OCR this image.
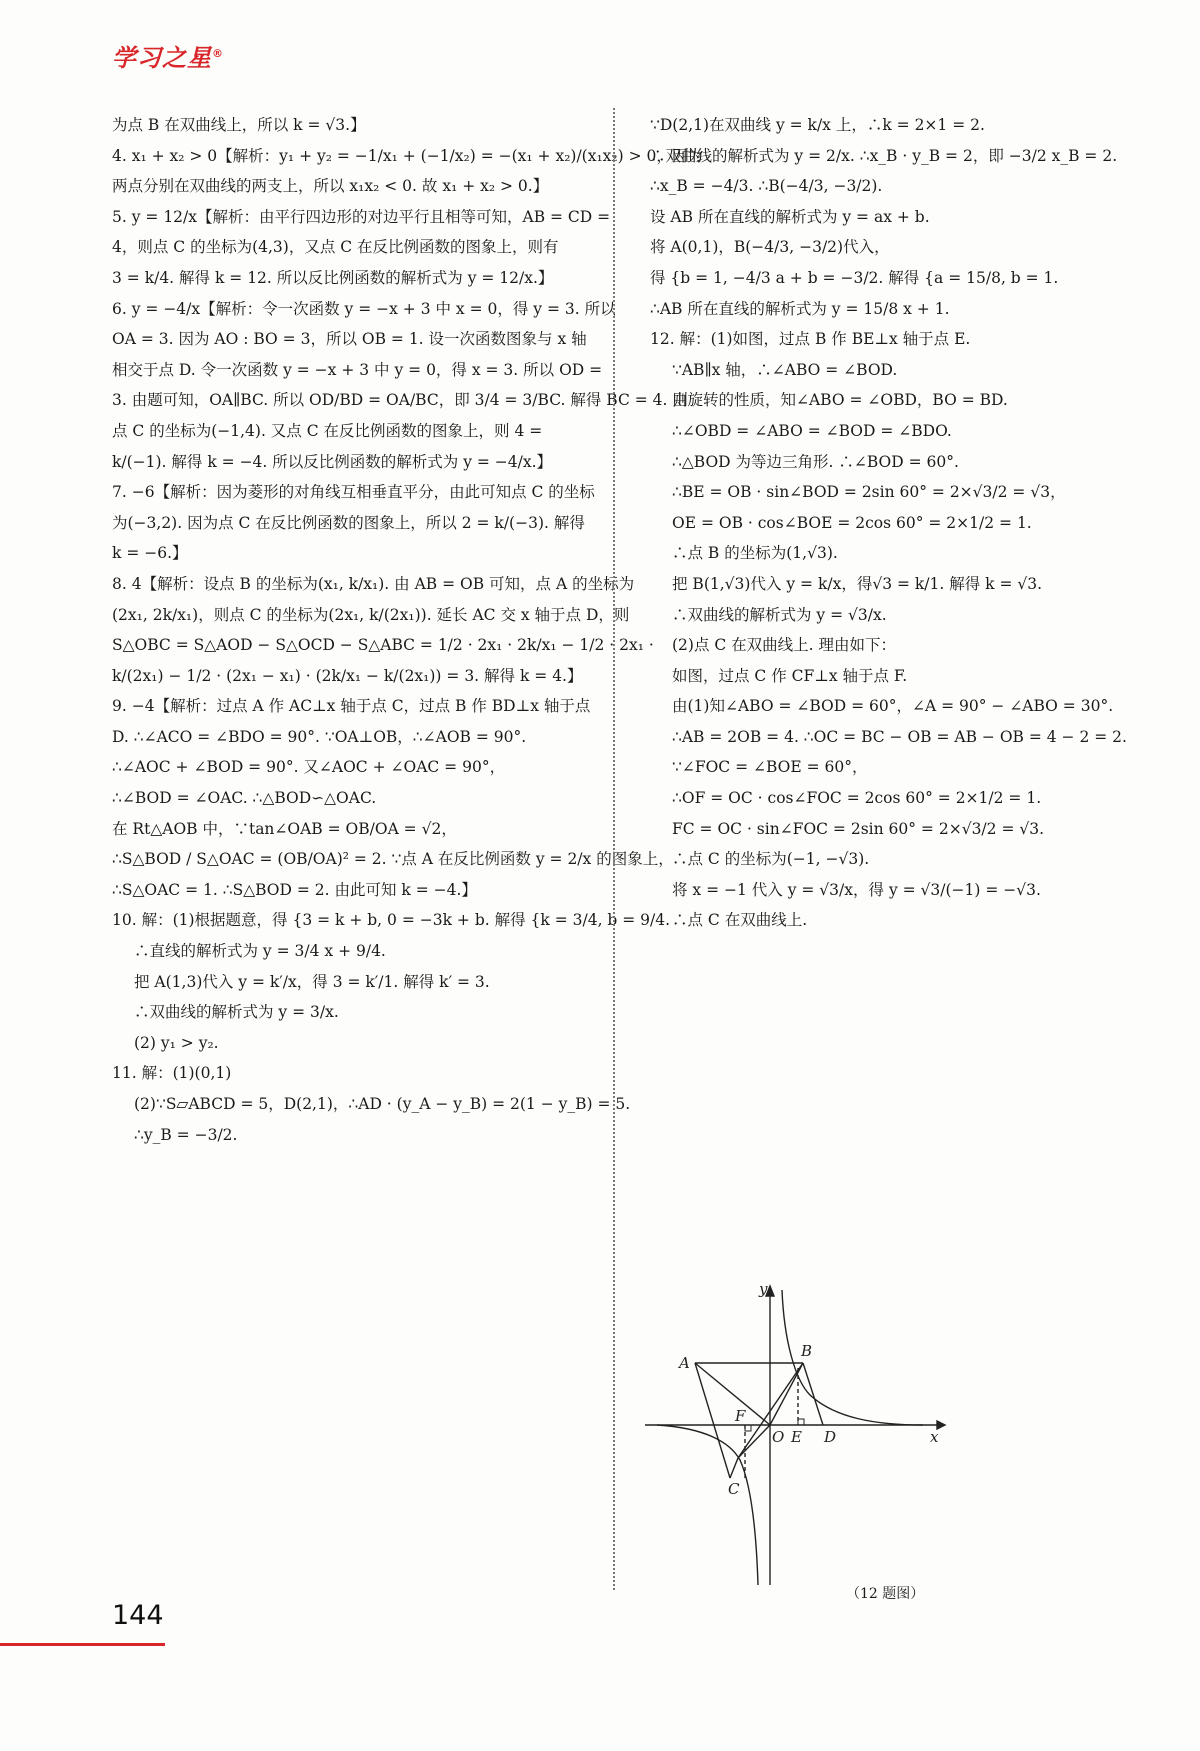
学习之星®

为点 B 在双曲线上，所以 k = √3.】

4. x₁ + x₂ > 0【解析：y₁ + y₂ = −1/x₁ + (−1/x₂) = −(x₁ + x₂)/(x₁x₂) > 0，因为

两点分别在双曲线的两支上，所以 x₁x₂ < 0. 故 x₁ + x₂ > 0.】

5. y = 12/x【解析：由平行四边形的对边平行且相等可知，AB = CD =

4，则点 C 的坐标为(4,3)，又点 C 在反比例函数的图象上，则有

3 = k/4. 解得 k = 12. 所以反比例函数的解析式为 y = 12/x.】

6. y = −4/x【解析：令一次函数 y = −x + 3 中 x = 0，得 y = 3. 所以

OA = 3. 因为 AO : BO = 3，所以 OB = 1. 设一次函数图象与 x 轴

相交于点 D. 令一次函数 y = −x + 3 中 y = 0，得 x = 3. 所以 OD =

3. 由题可知，OA∥BC. 所以 OD/BD = OA/BC，即 3/4 = 3/BC. 解得 BC = 4. 则

点 C 的坐标为(−1,4). 又点 C 在反比例函数的图象上，则 4 =

k/(−1). 解得 k = −4. 所以反比例函数的解析式为 y = −4/x.】

7. −6【解析：因为菱形的对角线互相垂直平分，由此可知点 C 的坐标

为(−3,2). 因为点 C 在反比例函数的图象上，所以 2 = k/(−3). 解得

k = −6.】

8. 4【解析：设点 B 的坐标为(x₁, k/x₁). 由 AB = OB 可知，点 A 的坐标为

(2x₁, 2k/x₁)，则点 C 的坐标为(2x₁, k/(2x₁)). 延长 AC 交 x 轴于点 D，则

S△OBC = S△AOD − S△OCD − S△ABC = 1/2 · 2x₁ · 2k/x₁ − 1/2 · 2x₁ ·

k/(2x₁) − 1/2 · (2x₁ − x₁) · (2k/x₁ − k/(2x₁)) = 3. 解得 k = 4.】

9. −4【解析：过点 A 作 AC⊥x 轴于点 C，过点 B 作 BD⊥x 轴于点

D. ∴∠ACO = ∠BDO = 90°. ∵OA⊥OB，∴∠AOB = 90°.

∴∠AOC + ∠BOD = 90°. 又∠AOC + ∠OAC = 90°，

∴∠BOD = ∠OAC. ∴△BOD∽△OAC.

在 Rt△AOB 中，∵tan∠OAB = OB/OA = √2，

∴S△BOD / S△OAC = (OB/OA)² = 2. ∵点 A 在反比例函数 y = 2/x 的图象上，

∴S△OAC = 1. ∴S△BOD = 2. 由此可知 k = −4.】

10. 解：(1)根据题意，得 {3 = k + b, 0 = −3k + b. 解得 {k = 3/4, b = 9/4.

∴直线的解析式为 y = 3/4 x + 9/4.

把 A(1,3)代入 y = k′/x，得 3 = k′/1. 解得 k′ = 3.

∴双曲线的解析式为 y = 3/x.

(2) y₁ > y₂.

11. 解：(1)(0,1)

(2)∵S▱ABCD = 5，D(2,1)，∴AD · (y_A − y_B) = 2(1 − y_B) = 5.

∴y_B = −3/2.

∵D(2,1)在双曲线 y = k/x 上，∴k = 2×1 = 2.

∴双曲线的解析式为 y = 2/x. ∴x_B · y_B = 2，即 −3/2 x_B = 2.

∴x_B = −4/3. ∴B(−4/3, −3/2).

设 AB 所在直线的解析式为 y = ax + b.

将 A(0,1)，B(−4/3, −3/2)代入，

得 {b = 1, −4/3 a + b = −3/2. 解得 {a = 15/8, b = 1.

∴AB 所在直线的解析式为 y = 15/8 x + 1.

12. 解：(1)如图，过点 B 作 BE⊥x 轴于点 E.

∵AB∥x 轴，∴∠ABO = ∠BOD.

由旋转的性质，知∠ABO = ∠OBD，BO = BD.

∴∠OBD = ∠ABO = ∠BOD = ∠BDO.

∴△BOD 为等边三角形. ∴∠BOD = 60°.

∴BE = OB · sin∠BOD = 2sin 60° = 2×√3/2 = √3，

OE = OB · cos∠BOE = 2cos 60° = 2×1/2 = 1.

∴点 B 的坐标为(1,√3).

把 B(1,√3)代入 y = k/x，得√3 = k/1. 解得 k = √3.

∴双曲线的解析式为 y = √3/x.

(2)点 C 在双曲线上. 理由如下：

如图，过点 C 作 CF⊥x 轴于点 F.

由(1)知∠ABO = ∠BOD = 60°，∠A = 90° − ∠ABO = 30°.

∴AB = 2OB = 4. ∴OC = BC − OB = AB − OB = 4 − 2 = 2.

∵∠FOC = ∠BOE = 60°，

∴OF = OC · cos∠FOC = 2cos 60° = 2×1/2 = 1.

FC = OC · sin∠FOC = 2sin 60° = 2×√3/2 = √3.

∴点 C 的坐标为(−1, −√3).

将 x = −1 代入 y = √3/x，得 y = √3/(−1) = −√3.

∴点 C 在双曲线上.

y
x
A
B
C
D
E
F
O
（12 题图）
144
